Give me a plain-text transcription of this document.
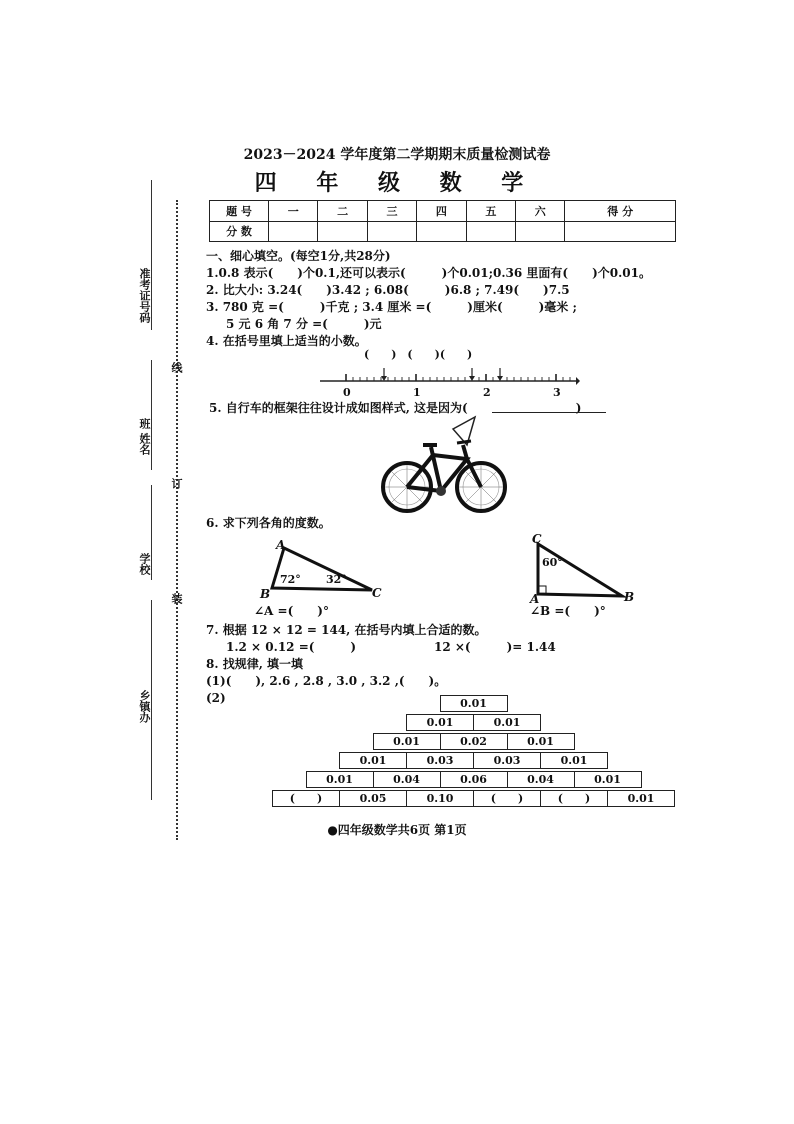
准考证号码
班 姓名
学校
乡镇办
线
订
装
2023－2024 学年度第二学期期末质量检测试卷
四 年 级 数 学
题 号	一	二	三	四	五	六	得 分
分 数							
一、细心填空。(每空1分,共28分)
1.0.8 表示(　　)个0.1,还可以表示(　　　)个0.01;0.36 里面有(　　)个0.01。
2. 比大小: 3.24(　　)3.42 ; 6.08(　　　)6.8 ; 7.49(　　)7.5
3. 780 克 =(　　　)千克 ; 3.4 厘米 =(　　　)厘米(　　　)毫米 ;
5 元 6 角 7 分 =(　　　)元
4. 在括号里填上适当的小数。
(　　)　(　　)(　　)
0	1	2	3
5. 自行车的框架往往设计成如图样式, 这是因为(　　　　　　　　　)
6. 求下列各角的度数。
A
B	C
72° 32°
∠A =(　　)°
C
A	B
60°
∠B =(　　)°
7. 根据 12 × 12 = 144, 在括号内填上合适的数。
1.2 × 0.12 =(　　　)	12 ×(　　　)= 1.44
8. 找规律, 填一填
(1)(　　), 2.6 , 2.8 , 3.0 , 3.2 ,(　　)。
(2)	0.01
0.01	0.01
0.01	0.02	0.01
0.01	0.03	0.03	0.01
0.01	0.04	0.06	0.04	0.01
(　　)	0.05	0.10	(　　)	(　　)	0.01
●四年级数学共6页 第1页
